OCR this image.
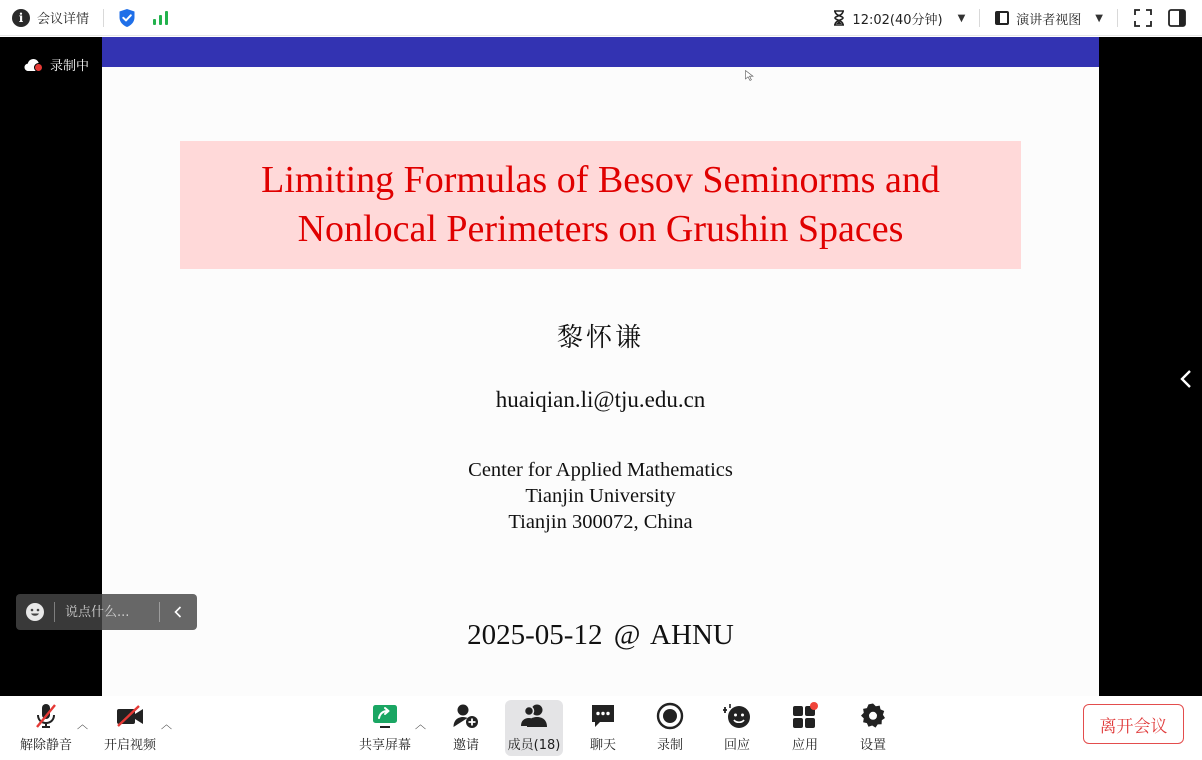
i	会议详情	12:02(40分钟) ▼	演讲者视图 ▼
录制中
Limiting Formulas of Besov Seminorms and
Nonlocal Perimeters on Grushin Spaces
黎怀谦
huaiqian.li@tju.edu.cn
Center for Applied Mathematics
Tianjin University
Tianjin 300072, China
2025-05-12 @ AHNU
说点什么...
解除静音
︿
开启视频
︿
共享屏幕
︿
邀请 成员(18) 聊天	录制	回应	应用	设置
离开会议
